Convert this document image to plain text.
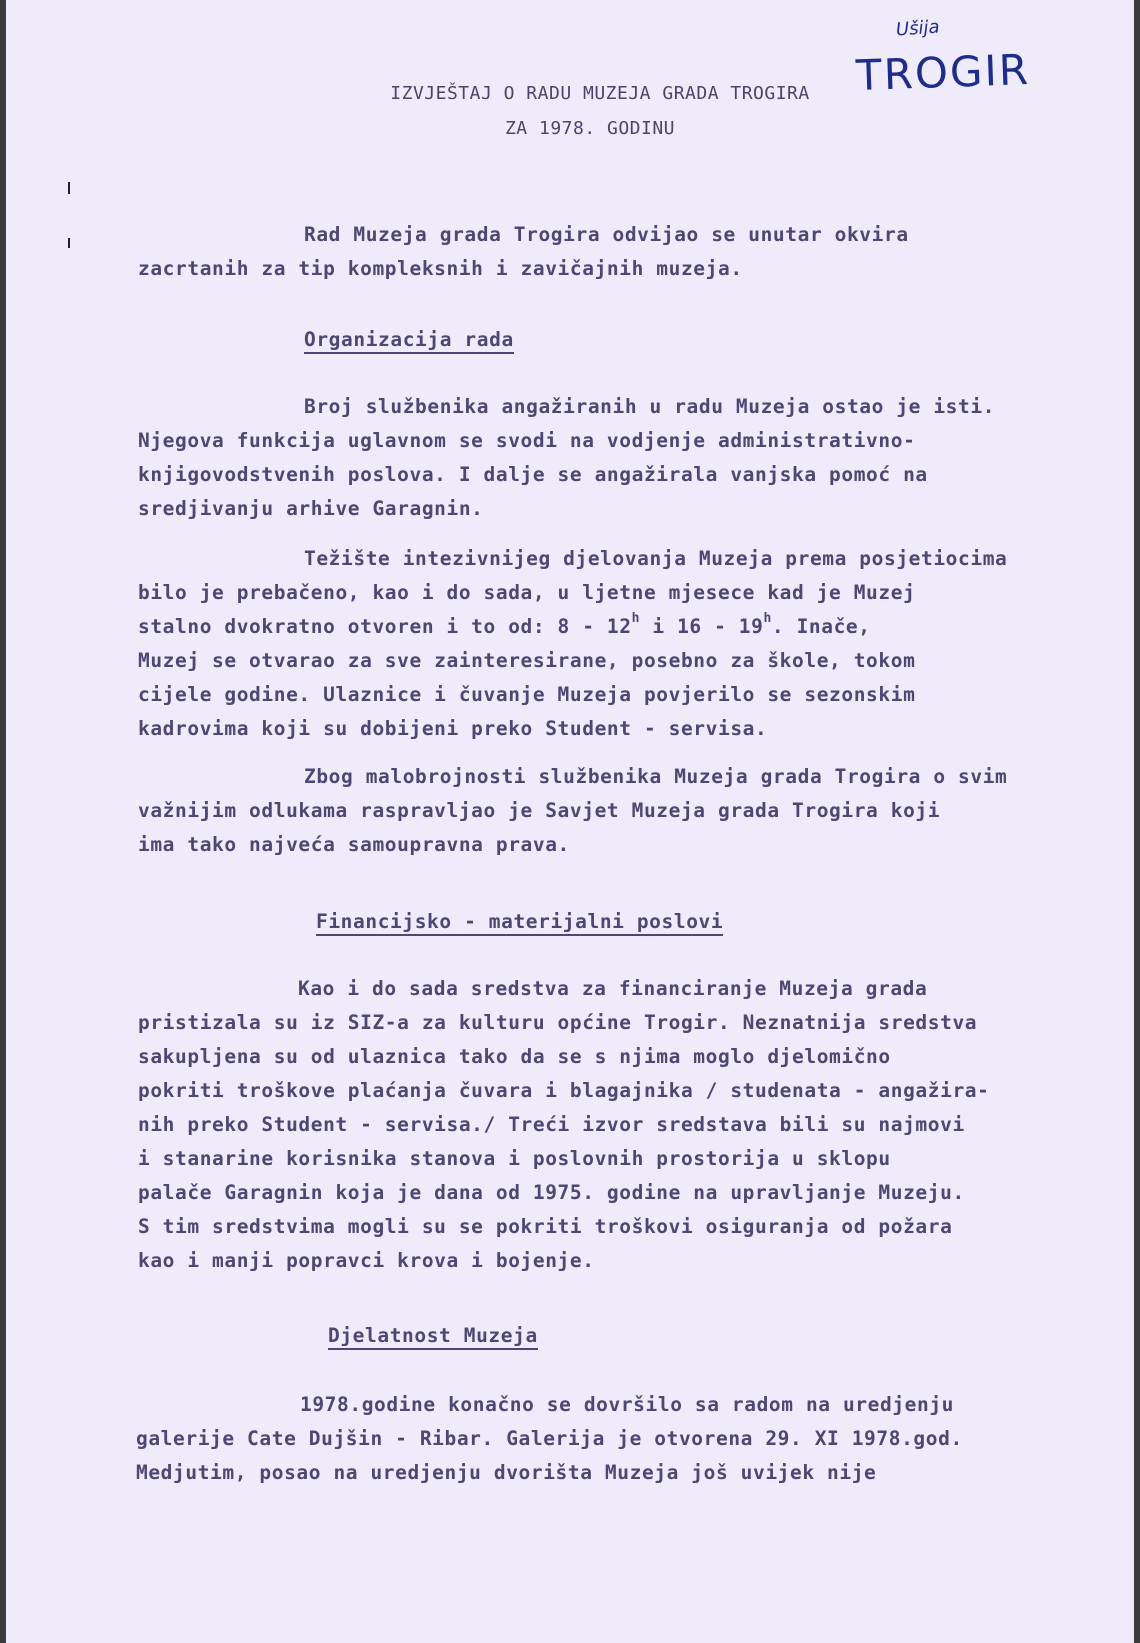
Ušija
TROGIR
IZVJEŠTAJ O RADU MUZEJA GRADA TROGIRA
ZA 1978. GODINU
Rad Muzeja grada Trogira odvijao se unutar okvira
zacrtanih za tip kompleksnih i zavičajnih muzeja.
Organizacija rada
Broj službenika angažiranih u radu Muzeja ostao je isti.
Njegova funkcija uglavnom se svodi na vodjenje administrativno-
knjigovodstvenih poslova. I dalje se angažirala vanjska pomoć na
sredjivanju arhive Garagnin.
Težište intezivnijeg djelovanja Muzeja prema posjetiocima
bilo je prebačeno, kao i do sada, u ljetne mjesece kad je Muzej
stalno dvokratno otvoren i to od: 8 - 12$^h$ i 16 - 19$^h$. Inače,
Muzej se otvarao za sve zainteresirane, posebno za škole, tokom
cijele godine. Ulaznice i čuvanje Muzeja povjerilo se sezonskim
kadrovima koji su dobijeni preko Student - servisa.
Zbog malobrojnosti službenika Muzeja grada Trogira o svim
važnijim odlukama raspravljao je Savjet Muzeja grada Trogira koji
ima tako najveća samoupravna prava.
Financijsko - materijalni poslovi
Kao i do sada sredstva za financiranje Muzeja grada
pristizala su iz SIZ-a za kulturu općine Trogir. Neznatnija sredstva
sakupljena su od ulaznica tako da se s njima moglo djelomično
pokriti troškove plaćanja čuvara i blagajnika / studenata - angažira-
nih preko Student - servisa./ Treći izvor sredstava bili su najmovi
i stanarine korisnika stanova i poslovnih prostorija u sklopu
palače Garagnin koja je dana od 1975. godine na upravljanje Muzeju.
S tim sredstvima mogli su se pokriti troškovi osiguranja od požara
kao i manji popravci krova i bojenje.
Djelatnost Muzeja
1978.godine konačno se dovršilo sa radom na uredjenju
galerije Cate Dujšin - Ribar. Galerija je otvorena 29. XI 1978.god.
Medjutim, posao na uredjenju dvorišta Muzeja još uvijek nije
